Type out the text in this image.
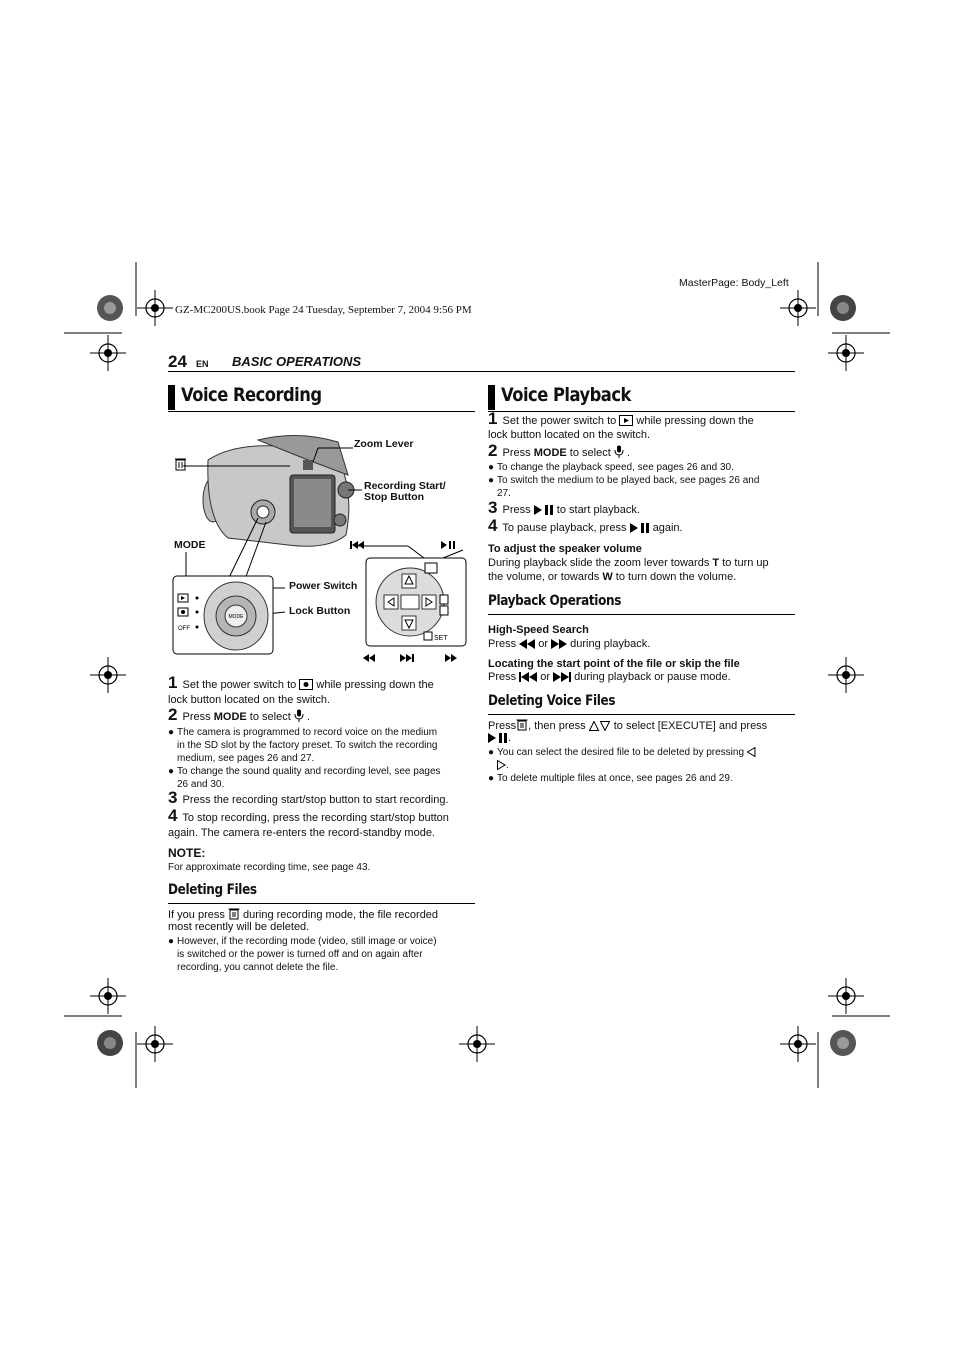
MasterPage: Body_Left
GZ-MC200US.book Page 24 Tuesday, September 7, 2004 9:56 PM
24 EN BASIC OPERATIONS
Voice Recording
MODE
OFF
SET
Zoom Lever
Recording Start/
Stop Button
MODE
Power Switch
Lock Button
1 Set the power switch to while pressing down the
lock button located on the switch.
2 Press MODE to select .
● The camera is programmed to record voice on the medium
in the SD slot by the factory preset. To switch the recording
medium, see pages 26 and 27.
● To change the sound quality and recording level, see pages
26 and 30.
3 Press the recording start/stop button to start recording.
4 To stop recording, press the recording start/stop button
again. The camera re-enters the record-standby mode.
NOTE:
For approximate recording time, see page 43.
Deleting Files
If you press during recording mode, the file recorded
most recently will be deleted.
● However, if the recording mode (video, still image or voice)
is switched or the power is turned off and on again after
recording, you cannot delete the file.
Voice Playback
1 Set the power switch to while pressing down the
lock button located on the switch.
2 Press MODE to select .
● To change the playback speed, see pages 26 and 30.
● To switch the medium to be played back, see pages 26 and
27.
3 Press to start playback.
4 To pause playback, press again.
To adjust the speaker volume
During playback slide the zoom lever towards T to turn up
the volume, or towards W to turn down the volume.
Playback Operations
High-Speed Search
Press or during playback.
Locating the start point of the file or skip the file
Press or during playback or pause mode.
Deleting Voice Files
Press , then press	to select [EXECUTE] and press
.
● You can select the desired file to be deleted by pressing
.
● To delete multiple files at once, see pages 26 and 29.
